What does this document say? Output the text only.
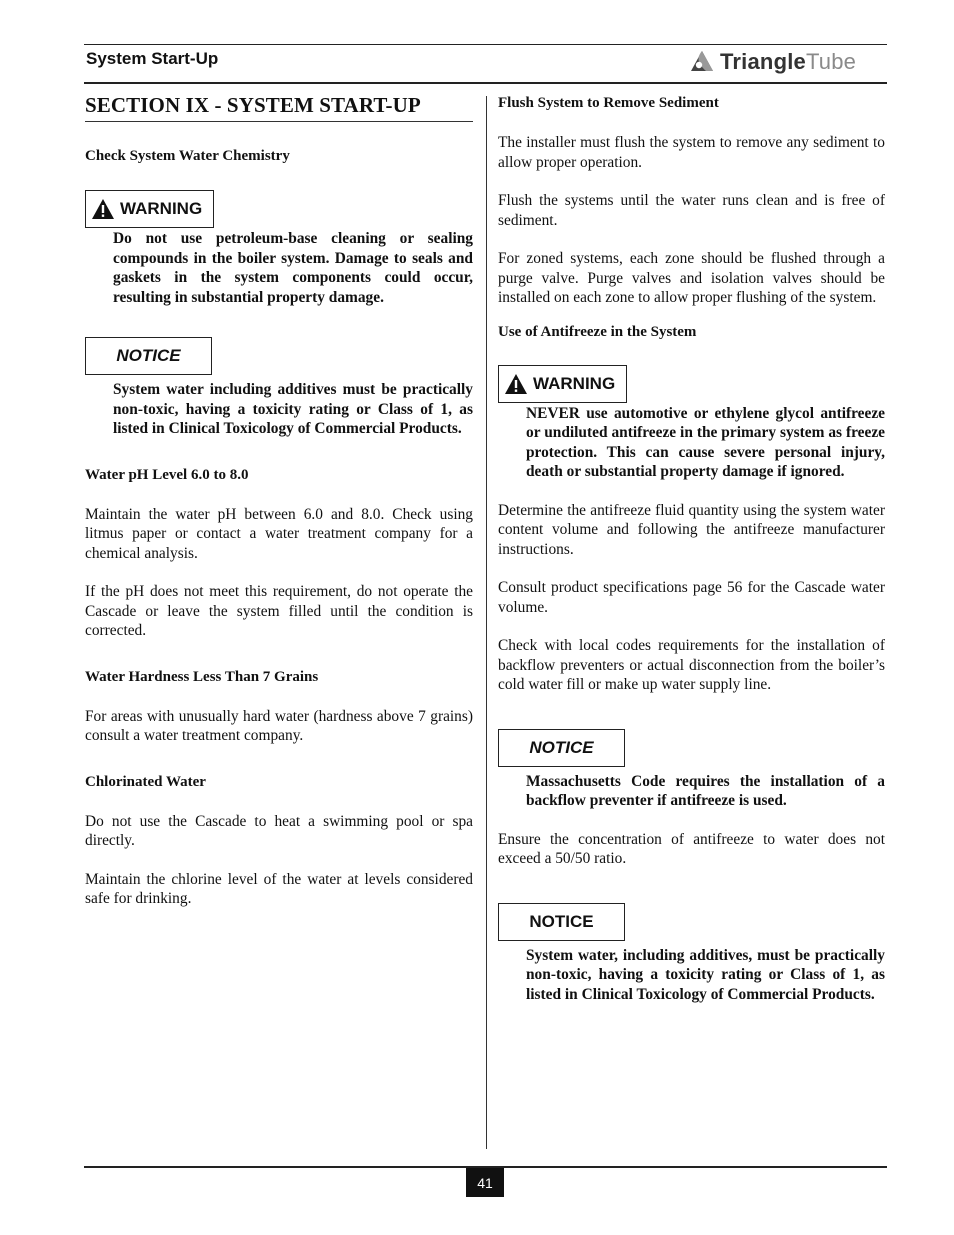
System Start-Up	TriangleTube
SECTION IX - SYSTEM START-UP

Check System Water Chemistry

WARNING

Do not use petroleum-base cleaning or sealing compounds in the boiler system. Damage to seals and gaskets in the system components could occur, resulting in substantial property damage.

NOTICE

System water including additives must be practically non-toxic, having a toxicity rating or Class of 1, as listed in Clinical Toxicology of Commercial Products.

Water pH Level 6.0 to 8.0

Maintain the water pH between 6.0 and 8.0. Check using litmus paper or contact a water treatment company for a chemical analysis.

If the pH does not meet this requirement, do not operate the Cascade or leave the system filled until the condition is corrected.

Water Hardness Less Than 7 Grains

For areas with unusually hard water (hardness above 7 grains) consult a water treatment company.

Chlorinated Water

Do not use the Cascade to heat a swimming pool or spa directly.

Maintain the chlorine level of the water at levels considered safe for drinking.

Flush System to Remove Sediment

The installer must flush the system to remove any sediment to allow proper operation.

Flush the systems until the water runs clean and is free of sediment.

For zoned systems, each zone should be flushed through a purge valve. Purge valves and isolation valves should be installed on each zone to allow proper flushing of the system.

Use of Antifreeze in the System

WARNING

NEVER use automotive or ethylene glycol antifreeze or undiluted antifreeze in the primary system as freeze protection. This can cause severe personal injury, death or substantial property damage if ignored.

Determine the antifreeze fluid quantity using the system water content volume and following the antifreeze manufacturer instructions.

Consult product specifications page 56 for the Cascade water volume.

Check with local codes requirements for the installation of backflow preventers or actual disconnection from the boiler’s cold water fill or make up water supply line.

NOTICE

Massachusetts Code requires the installation of a backflow preventer if antifreeze is used.

Ensure the concentration of antifreeze to water does not exceed a 50/50 ratio.

NOTICE

System water, including additives, must be practically non-toxic, having a toxicity rating or Class of 1, as listed in Clinical Toxicology of Commercial Products.

41
